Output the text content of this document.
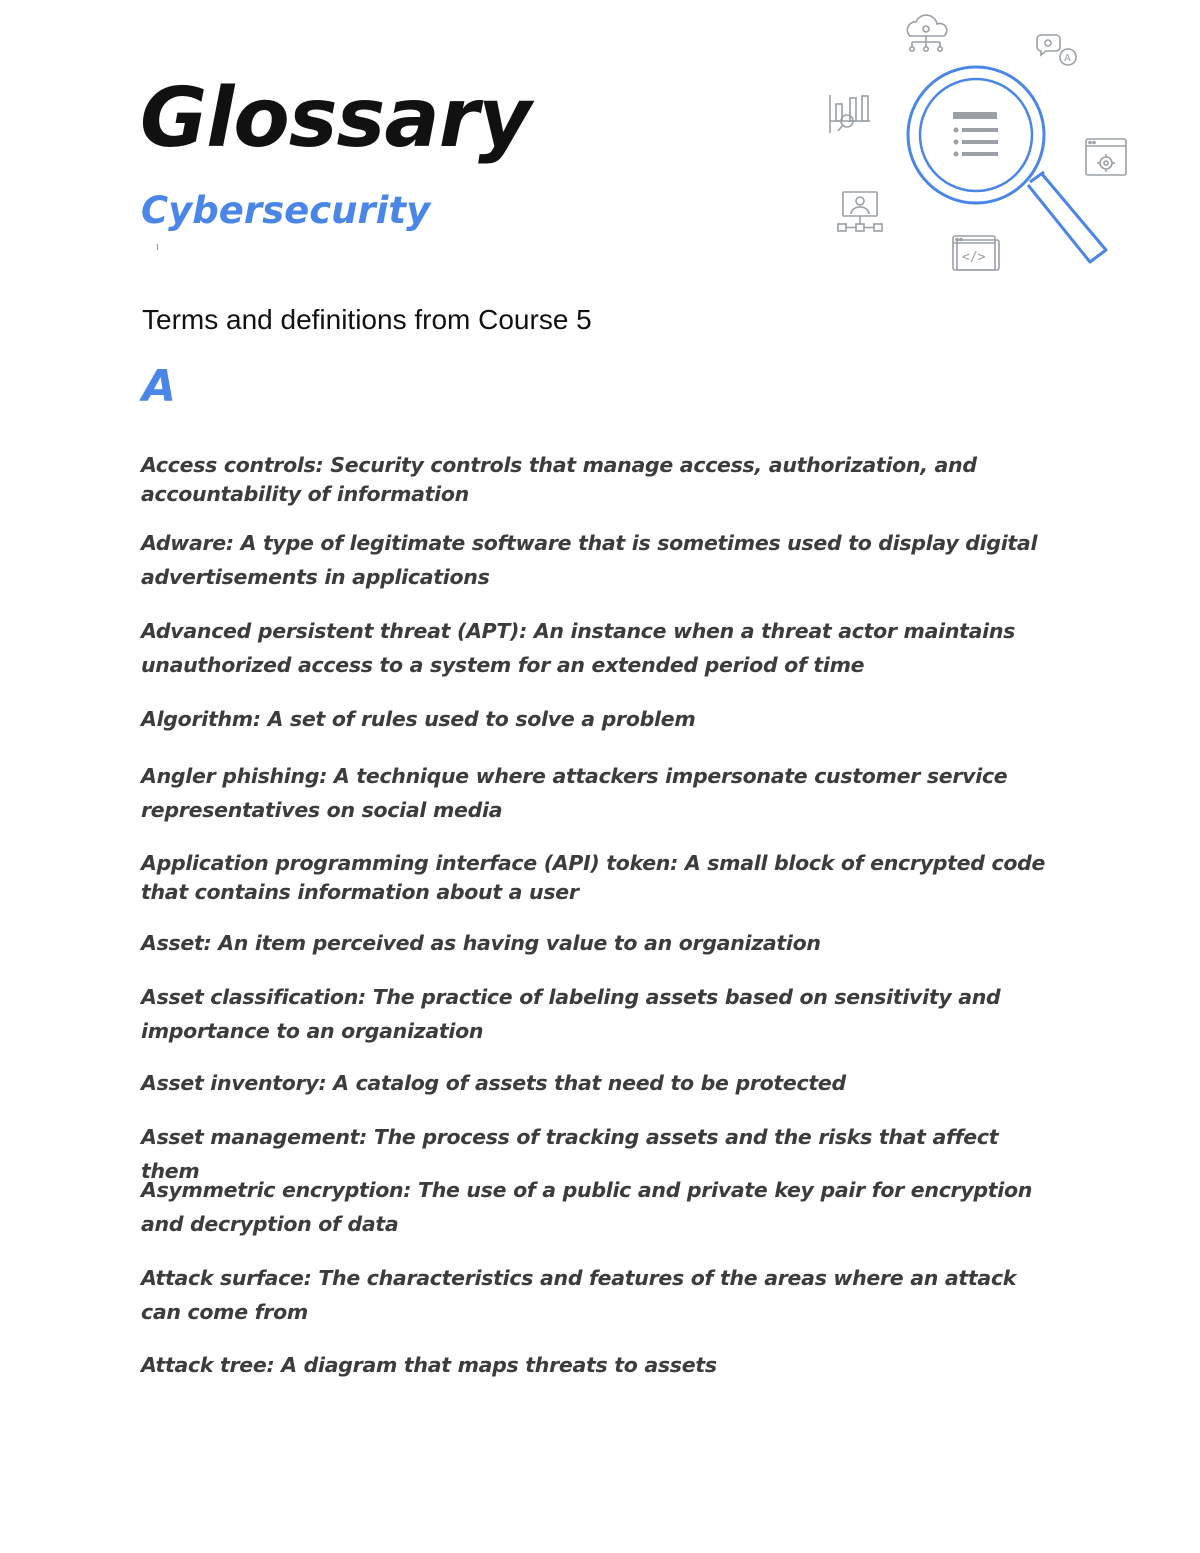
Glossary
Cybersecurity
Terms and definitions from Course 5
A

Access controls: Security controls that manage access, authorization, and accountability of information

Adware: A type of legitimate software that is sometimes used to display digital advertisements in applications

Advanced persistent threat (APT): An instance when a threat actor maintains unauthorized access to a system for an extended period of time

Algorithm: A set of rules used to solve a problem

Angler phishing: A technique where attackers impersonate customer service representatives on social media

Application programming interface (API) token: A small block of encrypted code that contains information about a user

Asset: An item perceived as having value to an organization

Asset classification: The practice of labeling assets based on sensitivity and importance to an organization

Asset inventory: A catalog of assets that need to be protected

Asset management: The process of tracking assets and the risks that affect them

Asymmetric encryption: The use of a public and private key pair for encryption and decryption of data

Attack surface: The characteristics and features of the areas where an attack can come from

Attack tree: A diagram that maps threats to assets

A
</>
